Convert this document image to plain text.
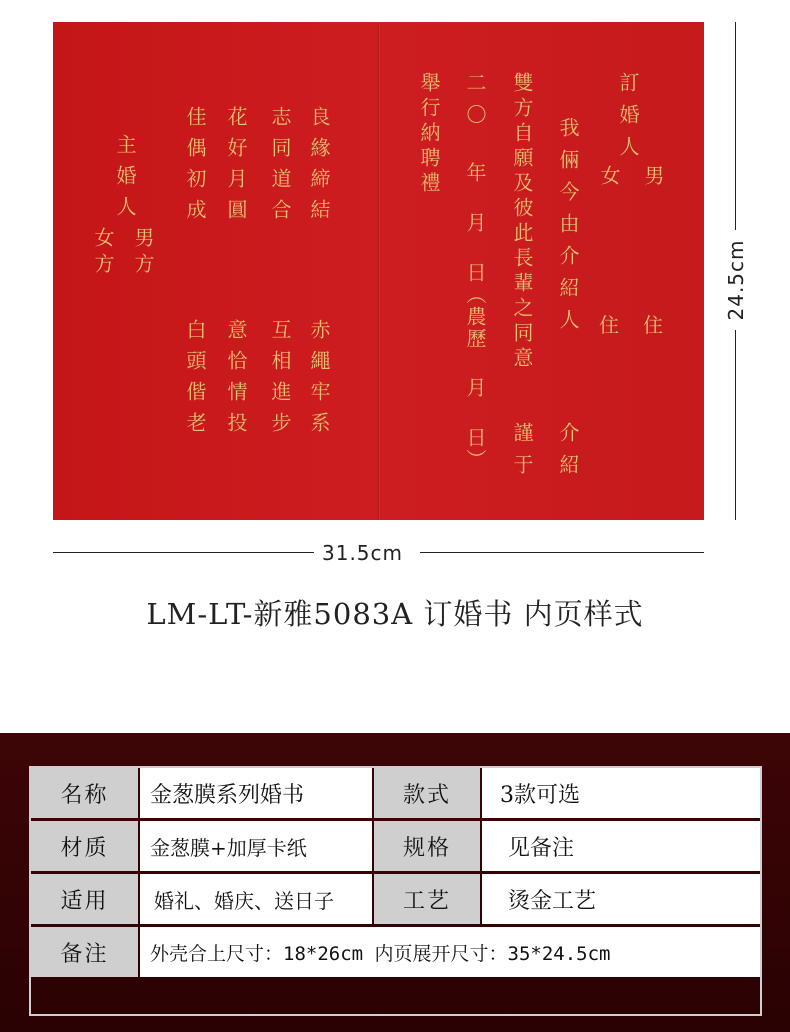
訂婚人
男
女
住
住
我倆今由介紹人
介紹
雙方自願及彼此長輩之同意
謹于
二〇
年
月
日（農歷
月
日）
舉行納聘禮
良緣締結
志同道合
花好月圓
佳偶初成
赤繩牢系
互相進步
意恰情投
白頭偕老
主婚人
男方
女方
31.5cm
24.5cm
LM-LT-新雅5083A 订婚书 内页样式
名称	金葱膜系列婚书	款式	3款可选
材质	金葱膜+加厚卡纸	规格	见备注
适用	婚礼、婚庆、送日子	工艺	烫金工艺
备注	外壳合上尺寸：18*26cm 内页展开尺寸：35*24.5cm
